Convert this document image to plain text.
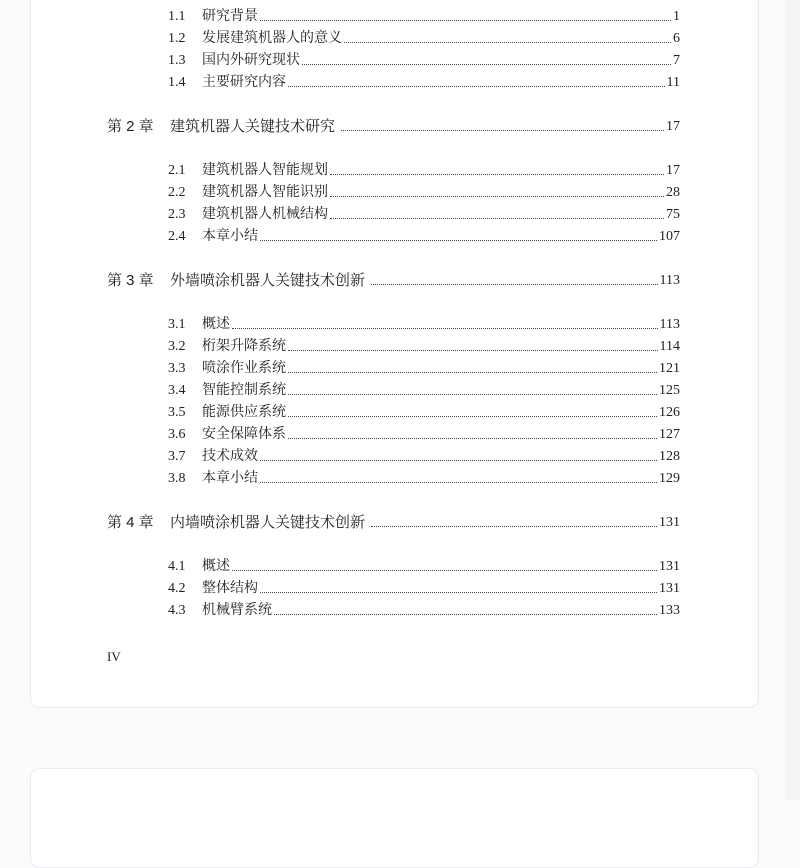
1.1	研究背景	1
1.2	发展建筑机器人的意义	6
1.3	国内外研究现状	7
1.4	主要研究内容	11
第 2 章	建筑机器人关键技术研究	17
2.1	建筑机器人智能规划	17
2.2	建筑机器人智能识别	28
2.3	建筑机器人机械结构	75
2.4	本章小结	107
第 3 章	外墙喷涂机器人关键技术创新	113
3.1	概述	113
3.2	桁架升降系统	114
3.3	喷涂作业系统	121
3.4	智能控制系统	125
3.5	能源供应系统	126
3.6	安全保障体系	127
3.7	技术成效	128
3.8	本章小结	129
第 4 章	内墙喷涂机器人关键技术创新	131
4.1	概述	131
4.2	整体结构	131
4.3	机械臂系统	133
IV
